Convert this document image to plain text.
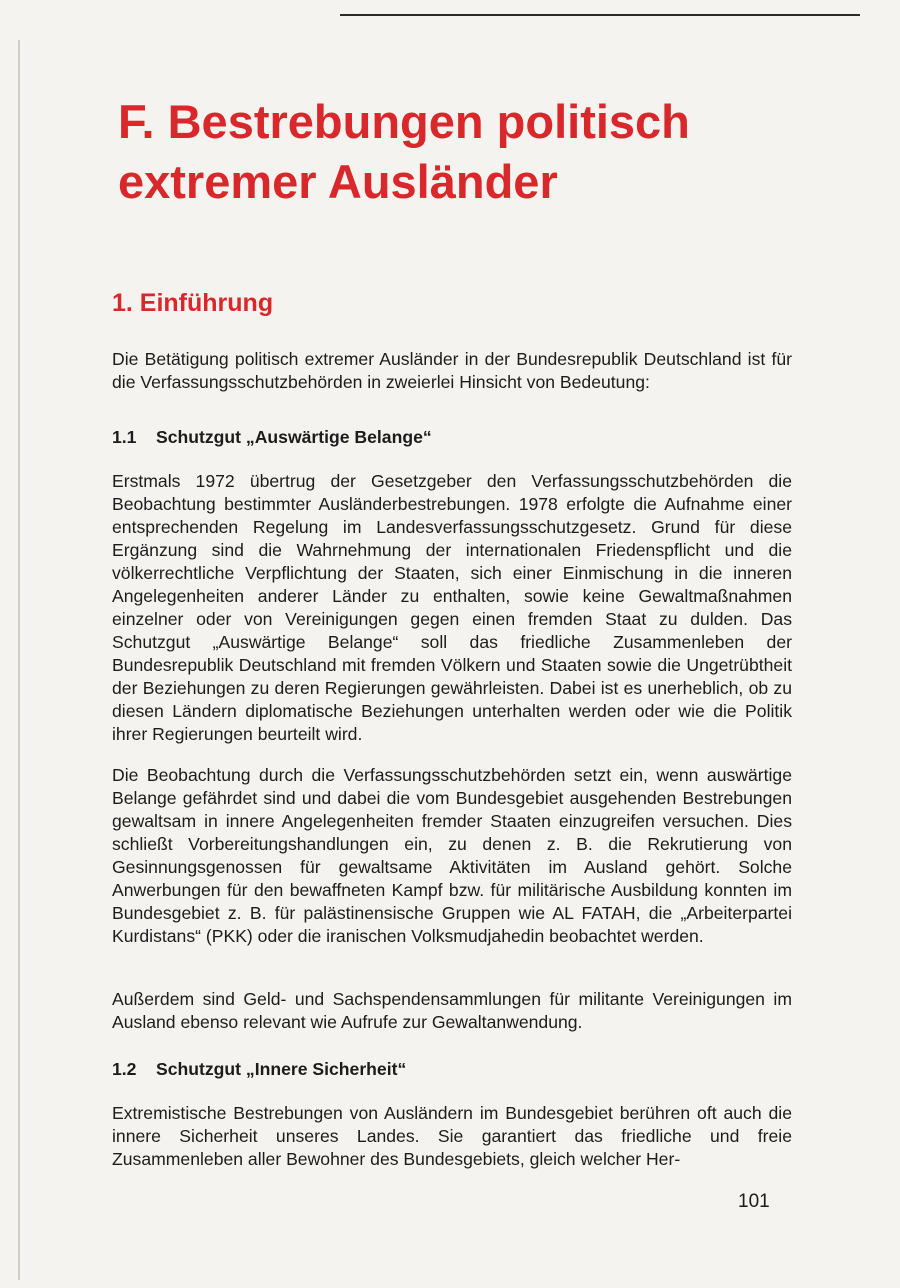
F. Bestrebungen politisch
extremer Ausländer
1. Einführung

Die Betätigung politisch extremer Ausländer in der Bundesrepublik Deutschland ist für die Verfassungsschutzbehörden in zweierlei Hinsicht von Bedeutung:

1.1 Schutzgut „Auswärtige Belange“

Erstmals 1972 übertrug der Gesetzgeber den Verfassungsschutzbehörden die Beobachtung bestimmter Ausländerbestrebungen. 1978 erfolgte die Aufnahme einer entsprechenden Regelung im Landesverfassungsschutzgesetz. Grund für diese Ergänzung sind die Wahrnehmung der internationalen Friedenspflicht und die völkerrechtliche Verpflichtung der Staaten, sich einer Einmischung in die inneren Angelegenheiten anderer Länder zu enthalten, sowie keine Gewaltmaßnahmen einzelner oder von Vereinigungen gegen einen fremden Staat zu dulden. Das Schutzgut „Auswärtige Belange“ soll das friedliche Zusammenleben der Bundesrepublik Deutschland mit fremden Völkern und Staaten sowie die Ungetrübtheit der Beziehungen zu deren Regierungen gewährleisten. Dabei ist es unerheblich, ob zu diesen Ländern diplomatische Beziehungen unterhalten werden oder wie die Politik ihrer Regierungen beurteilt wird.

Die Beobachtung durch die Verfassungsschutzbehörden setzt ein, wenn auswärtige Belange gefährdet sind und dabei die vom Bundesgebiet ausgehenden Bestrebungen gewaltsam in innere Angelegenheiten fremder Staaten einzugreifen versuchen. Dies schließt Vorbereitungshandlungen ein, zu denen z. B. die Rekrutierung von Gesinnungsgenossen für gewaltsame Aktivitäten im Ausland gehört. Solche Anwerbungen für den bewaffneten Kampf bzw. für militärische Ausbildung konnten im Bundesgebiet z. B. für palästinensische Gruppen wie AL FATAH, die „Arbeiterpartei Kurdistans“ (PKK) oder die iranischen Volksmudjahedin beobachtet werden.

Außerdem sind Geld- und Sachspendensammlungen für militante Vereinigungen im Ausland ebenso relevant wie Aufrufe zur Gewaltanwendung.

1.2 Schutzgut „Innere Sicherheit“

Extremistische Bestrebungen von Ausländern im Bundesgebiet berühren oft auch die innere Sicherheit unseres Landes. Sie garantiert das friedliche und freie Zusammenleben aller Bewohner des Bundesgebiets, gleich welcher Her-

101
